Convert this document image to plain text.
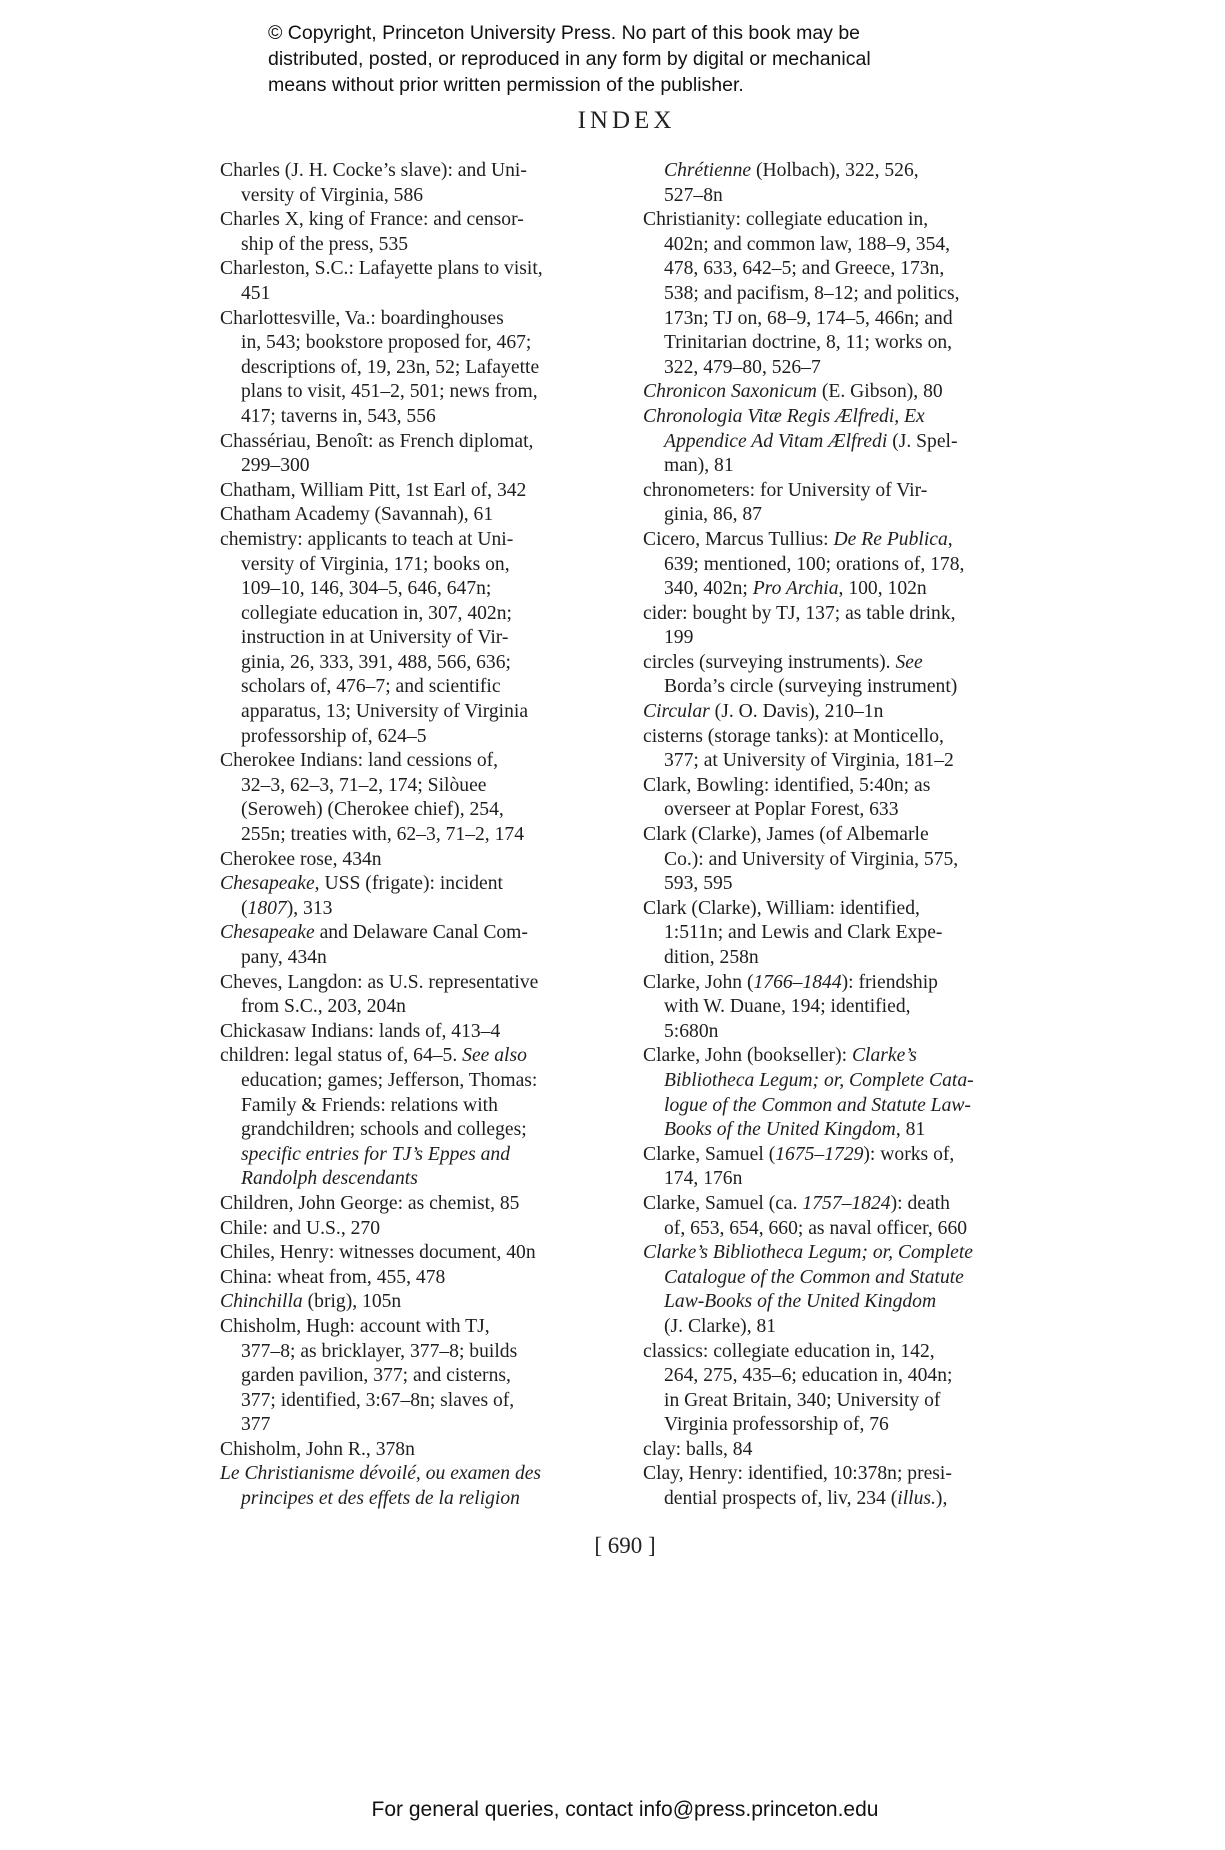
© Copyright, Princeton University Press. No part of this book may be
distributed, posted, or reproduced in any form by digital or mechanical
means without prior written permission of the publisher.
INDEX
Charles (J. H. Cocke’s slave): and Uni-
versity of Virginia, 586
Charles X, king of France: and censor-
ship of the press, 535
Charleston, S.C.: Lafayette plans to visit,
451
Charlottesville, Va.: boardinghouses
in, 543; bookstore proposed for, 467;
descriptions of, 19, 23n, 52; Lafayette
plans to visit, 451–2, 501; news from,
417; taverns in, 543, 556
Chassériau, Benoît: as French diplomat,
299–300
Chatham, William Pitt, 1st Earl of, 342
Chatham Academy (Savannah), 61
chemistry: applicants to teach at Uni-
versity of Virginia, 171; books on,
109–10, 146, 304–5, 646, 647n;
collegiate education in, 307, 402n;
instruction in at University of Vir-
ginia, 26, 333, 391, 488, 566, 636;
scholars of, 476–7; and scientific
apparatus, 13; University of Virginia
professorship of, 624–5
Cherokee Indians: land cessions of,
32–3, 62–3, 71–2, 174; Silòuee
(Seroweh) (Cherokee chief), 254,
255n; treaties with, 62–3, 71–2, 174
Cherokee rose, 434n
Chesapeake, USS (frigate): incident
(1807), 313
Chesapeake and Delaware Canal Com-
pany, 434n
Cheves, Langdon: as U.S. representative
from S.C., 203, 204n
Chickasaw Indians: lands of, 413–4
children: legal status of, 64–5. See also
education; games; Jefferson, Thomas:
Family & Friends: relations with
grandchildren; schools and colleges;
specific entries for TJ’s Eppes and
Randolph descendants
Children, John George: as chemist, 85
Chile: and U.S., 270
Chiles, Henry: witnesses document, 40n
China: wheat from, 455, 478
Chinchilla (brig), 105n
Chisholm, Hugh: account with TJ,
377–8; as bricklayer, 377–8; builds
garden pavilion, 377; and cisterns,
377; identified, 3:67–8n; slaves of,
377
Chisholm, John R., 378n
Le Christianisme dévoilé, ou examen des
principes et des effets de la religion
Chrétienne (Holbach), 322, 526,
527–8n
Christianity: collegiate education in,
402n; and common law, 188–9, 354,
478, 633, 642–5; and Greece, 173n,
538; and pacifism, 8–12; and politics,
173n; TJ on, 68–9, 174–5, 466n; and
Trinitarian doctrine, 8, 11; works on,
322, 479–80, 526–7
Chronicon Saxonicum (E. Gibson), 80
Chronologia Vitæ Regis Ælfredi, Ex
Appendice Ad Vitam Ælfredi (J. Spel-
man), 81
chronometers: for University of Vir-
ginia, 86, 87
Cicero, Marcus Tullius: De Re Publica,
639; mentioned, 100; orations of, 178,
340, 402n; Pro Archia, 100, 102n
cider: bought by TJ, 137; as table drink,
199
circles (surveying instruments). See
Borda’s circle (surveying instrument)
Circular (J. O. Davis), 210–1n
cisterns (storage tanks): at Monticello,
377; at University of Virginia, 181–2
Clark, Bowling: identified, 5:40n; as
overseer at Poplar Forest, 633
Clark (Clarke), James (of Albemarle
Co.): and University of Virginia, 575,
593, 595
Clark (Clarke), William: identified,
1:511n; and Lewis and Clark Expe-
dition, 258n
Clarke, John (1766–1844): friendship
with W. Duane, 194; identified,
5:680n
Clarke, John (bookseller): Clarke’s
Bibliotheca Legum; or, Complete Cata-
logue of the Common and Statute Law-
Books of the United Kingdom, 81
Clarke, Samuel (1675–1729): works of,
174, 176n
Clarke, Samuel (ca. 1757–1824): death
of, 653, 654, 660; as naval officer, 660
Clarke’s Bibliotheca Legum; or, Complete
Catalogue of the Common and Statute
Law-Books of the United Kingdom
(J. Clarke), 81
classics: collegiate education in, 142,
264, 275, 435–6; education in, 404n;
in Great Britain, 340; University of
Virginia professorship of, 76
clay: balls, 84
Clay, Henry: identified, 10:378n; presi-
dential prospects of, liv, 234 (illus.),
[ 690 ]
For general queries, contact info@press.princeton.edu
